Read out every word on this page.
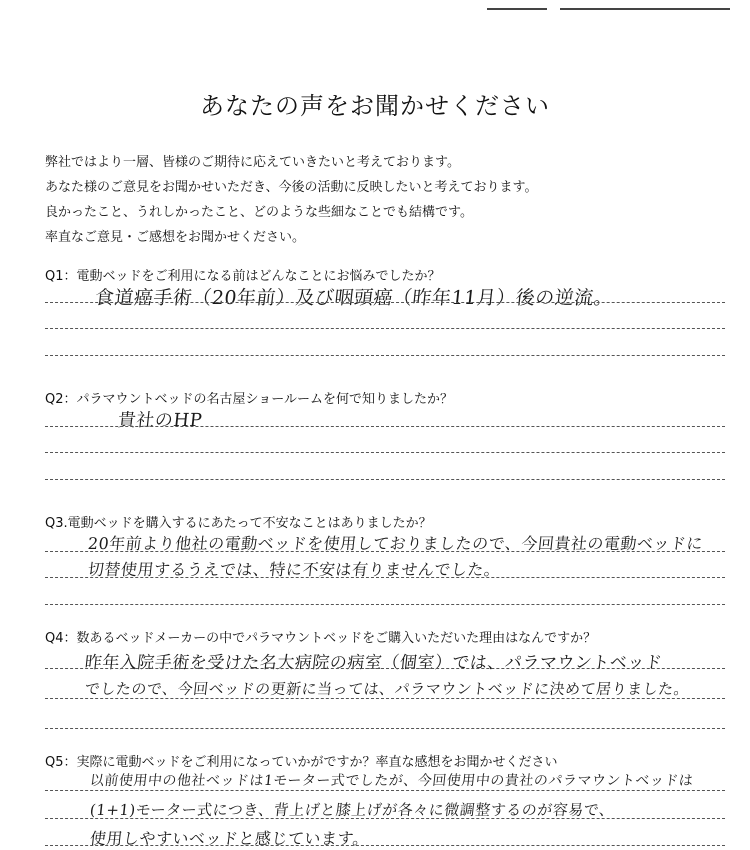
あなたの声をお聞かせください
弊社ではより一層、皆様のご期待に応えていきたいと考えております。
あなた様のご意見をお聞かせいただき、今後の活動に反映したいと考えております。
良かったこと、うれしかったこと、どのような些細なことでも結構です。
率直なご意見・ご感想をお聞かせください。
Q1：電動ベッドをご利用になる前はどんなことにお悩みでしたか？
食道癌手術（20年前）及び咽頭癌（昨年11月）後の逆流。
Q2：パラマウントベッドの名古屋ショールームを何で知りましたか？
貴社のHP
Q3.電動ベッドを購入するにあたって不安なことはありましたか？
20年前より他社の電動ベッドを使用しておりましたので、今回貴社の電動ベッドに
切替使用するうえでは、特に不安は有りませんでした。
Q4：数あるベッドメーカーの中でパラマウントベッドをご購入いただいた理由はなんですか？
昨年入院手術を受けた名大病院の病室（個室）では、パラマウントベッド
でしたので、今回ベッドの更新に当っては、パラマウントベッドに決めて居りました。
Q5：実際に電動ベッドをご利用になっていかがですか？率直な感想をお聞かせください
以前使用中の他社ベッドは1モーター式でしたが、今回使用中の貴社のパラマウントベッドは
(1+1)モーター式につき、背上げと膝上げが各々に微調整するのが容易で、
使用しやすいベッドと感じています。
